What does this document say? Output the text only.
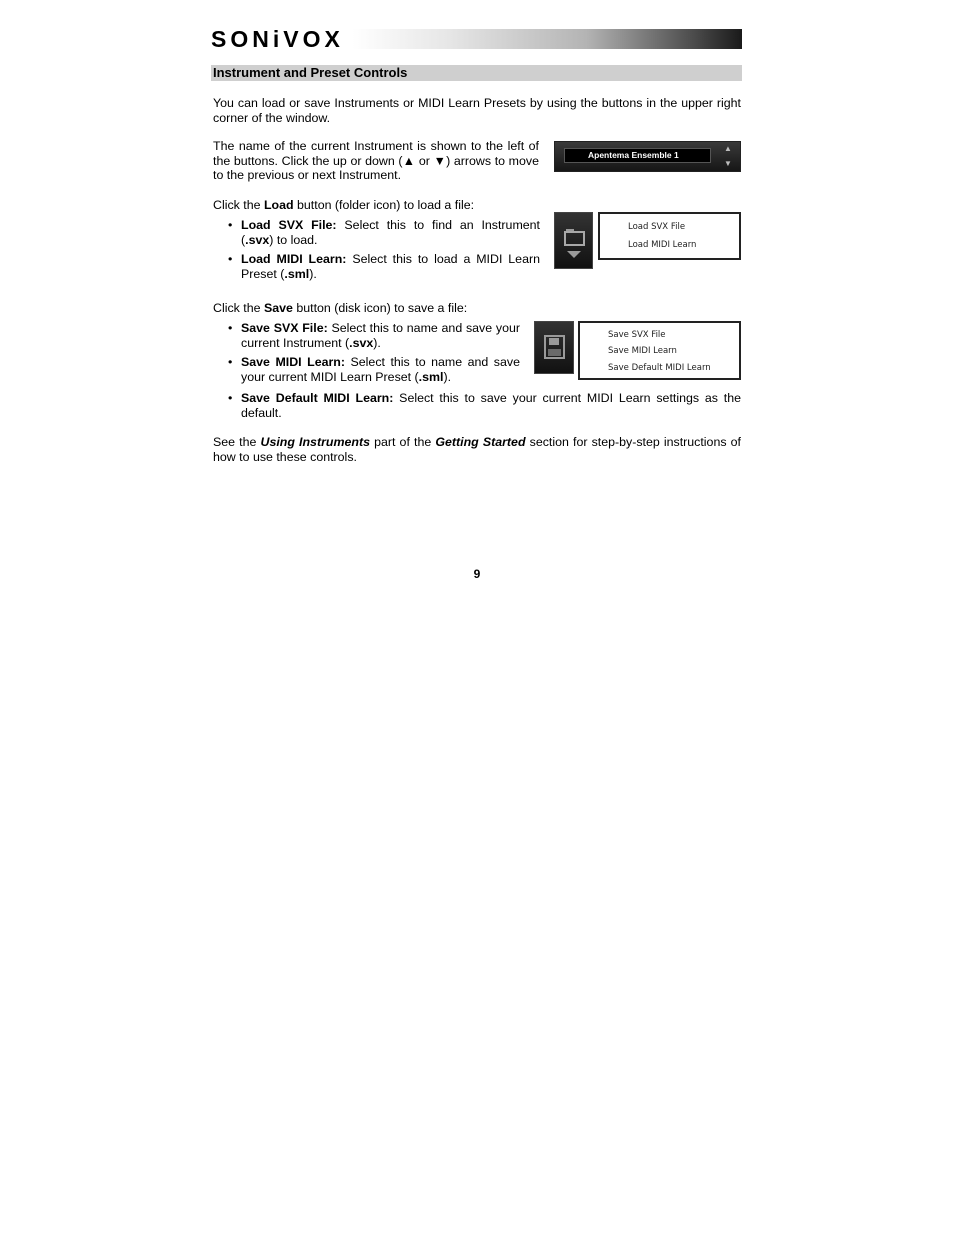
SONiVOX
Instrument and Preset Controls
You can load or save Instruments or MIDI Learn Presets by using the buttons in the upper right corner of the window.
The name of the current Instrument is shown to the left of the buttons. Click the up or down (▲ or ▼) arrows to move to the previous or next Instrument.
Apentema Ensemble 1
▲
▼
Click the Load button (folder icon) to load a file:
• Load SVX File: Select this to find an Instrument (.svx) to load.
• Load MIDI Learn: Select this to load a MIDI Learn Preset (.sml).
Load SVX File
Load MIDI Learn
Click the Save button (disk icon) to save a file:
• Save SVX File: Select this to name and save your current Instrument (.svx).
• Save MIDI Learn: Select this to name and save your current MIDI Learn Preset (.sml).
• Save Default MIDI Learn: Select this to save your current MIDI Learn settings as the default.
Save SVX File
Save MIDI Learn
Save Default MIDI Learn
See the Using Instruments part of the Getting Started section for step-by-step instructions of how to use these controls.
9
